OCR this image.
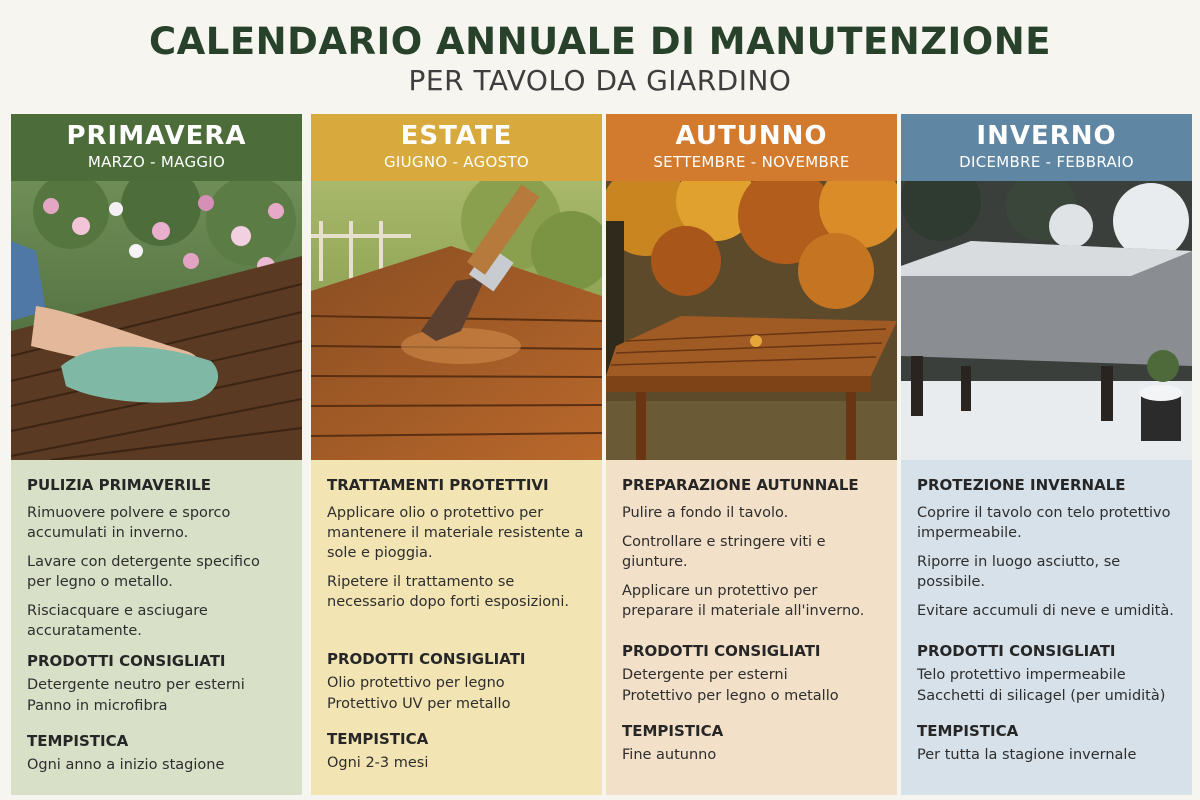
CALENDARIO ANNUALE DI MANUTENZIONE
PER TAVOLO DA GIARDINO
PRIMAVERA
MARZO - MAGGIO
PULIZIA PRIMAVERILE
Rimuovere polvere e sporco accumulati in inverno.
Lavare con detergente specifico per legno o metallo.
Risciacquare e asciugare accuratamente.
PRODOTTI CONSIGLIATI
Detergente neutro per esterni
Panno in microfibra
TEMPISTICA
Ogni anno a inizio stagione
ESTATE
GIUGNO - AGOSTO
TRATTAMENTI PROTETTIVI
Applicare olio o protettivo per mantenere il materiale resistente a sole e pioggia.
Ripetere il trattamento se necessario dopo forti esposizioni.
PRODOTTI CONSIGLIATI
Olio protettivo per legno
Protettivo UV per metallo
TEMPISTICA
Ogni 2-3 mesi
AUTUNNO
SETTEMBRE - NOVEMBRE
PREPARAZIONE AUTUNNALE
Pulire a fondo il tavolo.
Controllare e stringere viti e giunture.
Applicare un protettivo per preparare il materiale all'inverno.
PRODOTTI CONSIGLIATI
Detergente per esterni
Protettivo per legno o metallo
TEMPISTICA
Fine autunno
INVERNO
DICEMBRE - FEBBRAIO
PROTEZIONE INVERNALE
Coprire il tavolo con telo protettivo impermeabile.
Riporre in luogo asciutto, se possibile.
Evitare accumuli di neve e umidità.
PRODOTTI CONSIGLIATI
Telo protettivo impermeabile
Sacchetti di silicagel (per umidità)
TEMPISTICA
Per tutta la stagione invernale
